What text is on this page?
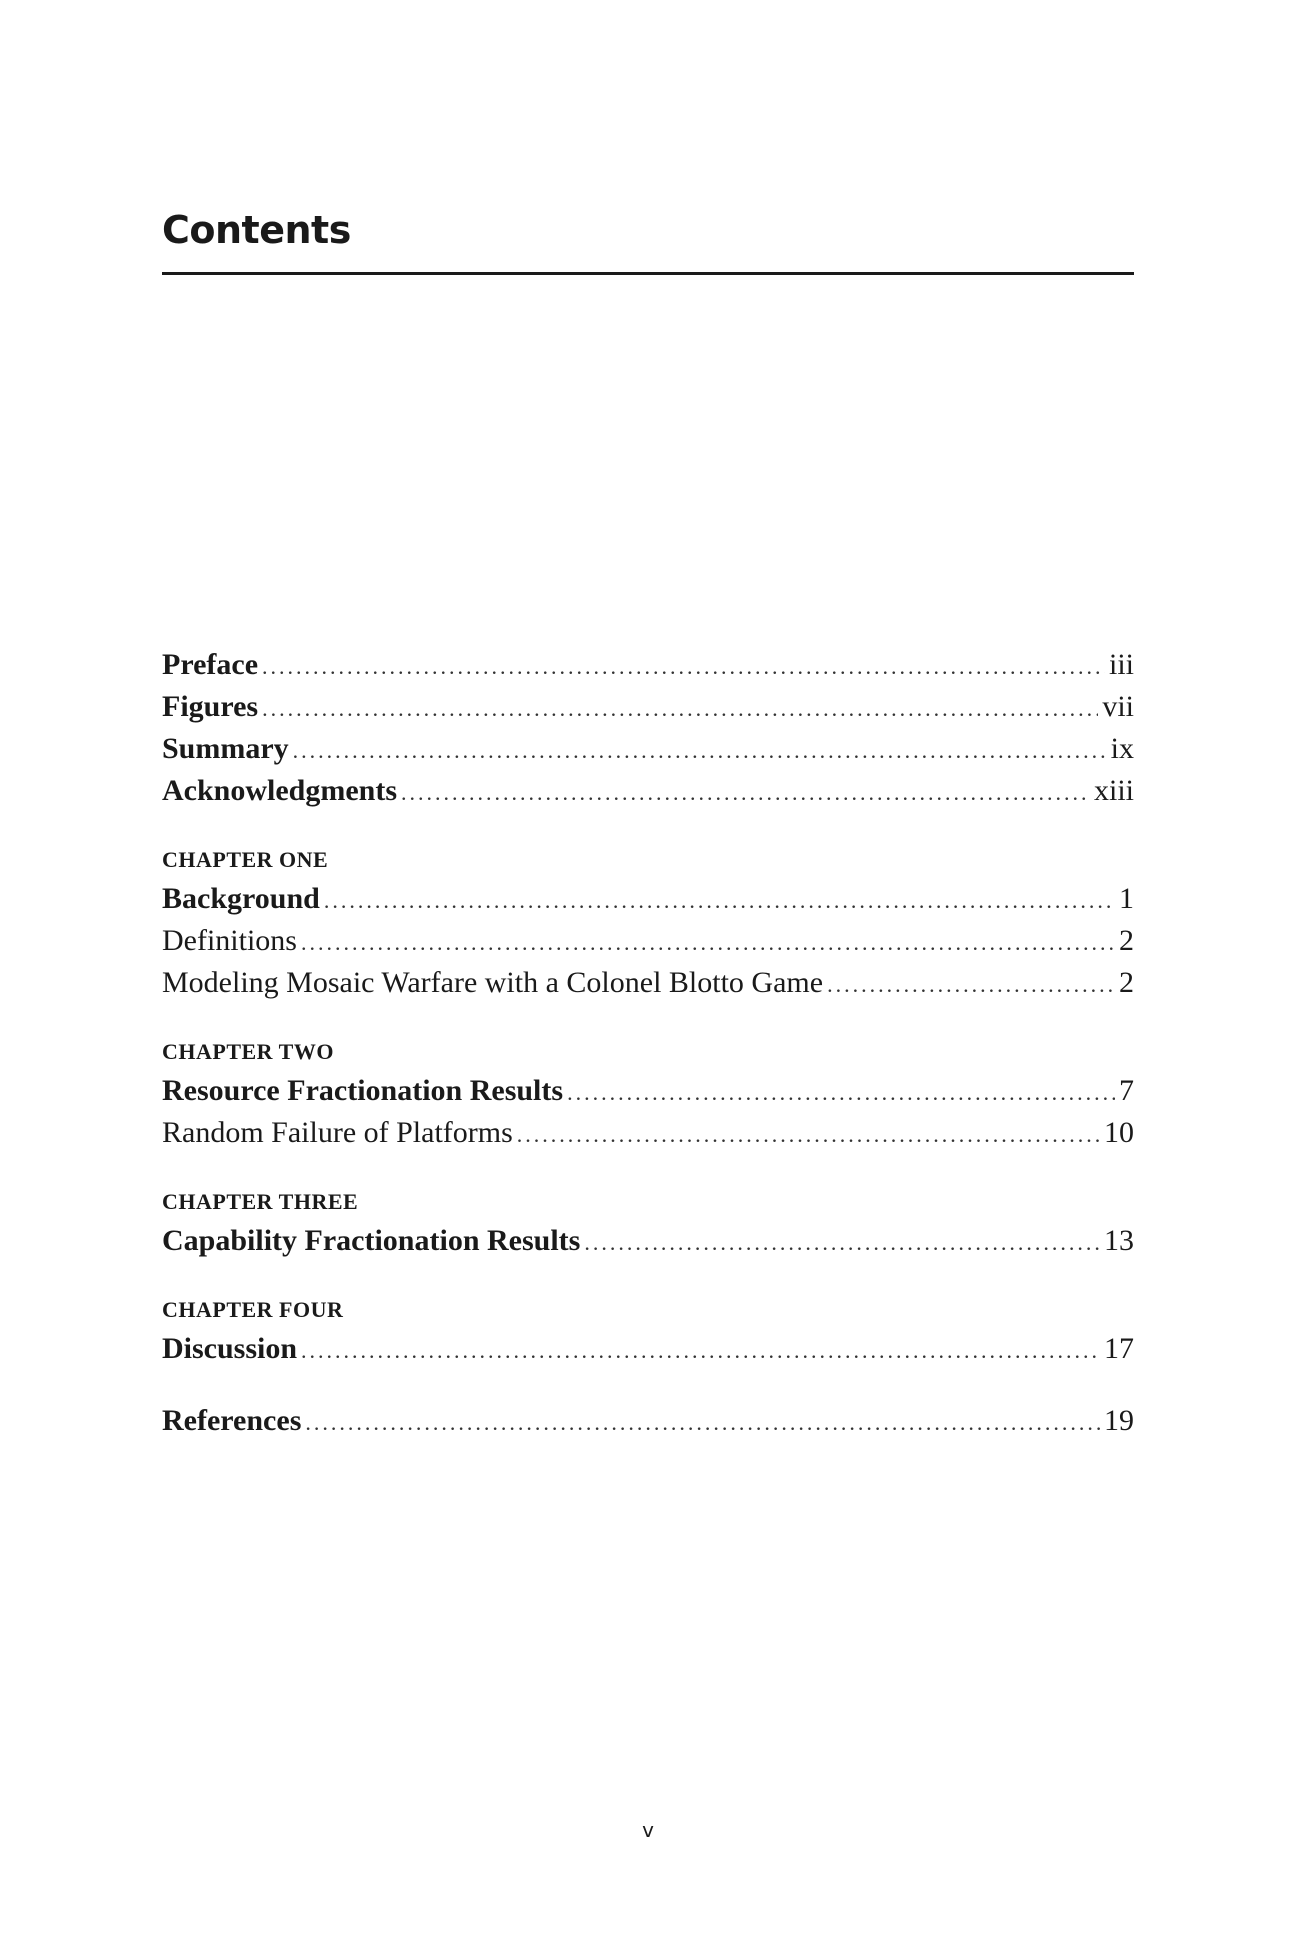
Contents
Preface .....	iii
Figures .....	vii
Summary .....	ix
Acknowledgments .....	xiii
CHAPTER ONE
Background .....	1
Definitions .....	2
Modeling Mosaic Warfare with a Colonel Blotto Game .....	2
CHAPTER TWO
Resource Fractionation Results .....	7
Random Failure of Platforms .....	10
CHAPTER THREE
Capability Fractionation Results .....	13
CHAPTER FOUR
Discussion .....	17
References .....	19
v
